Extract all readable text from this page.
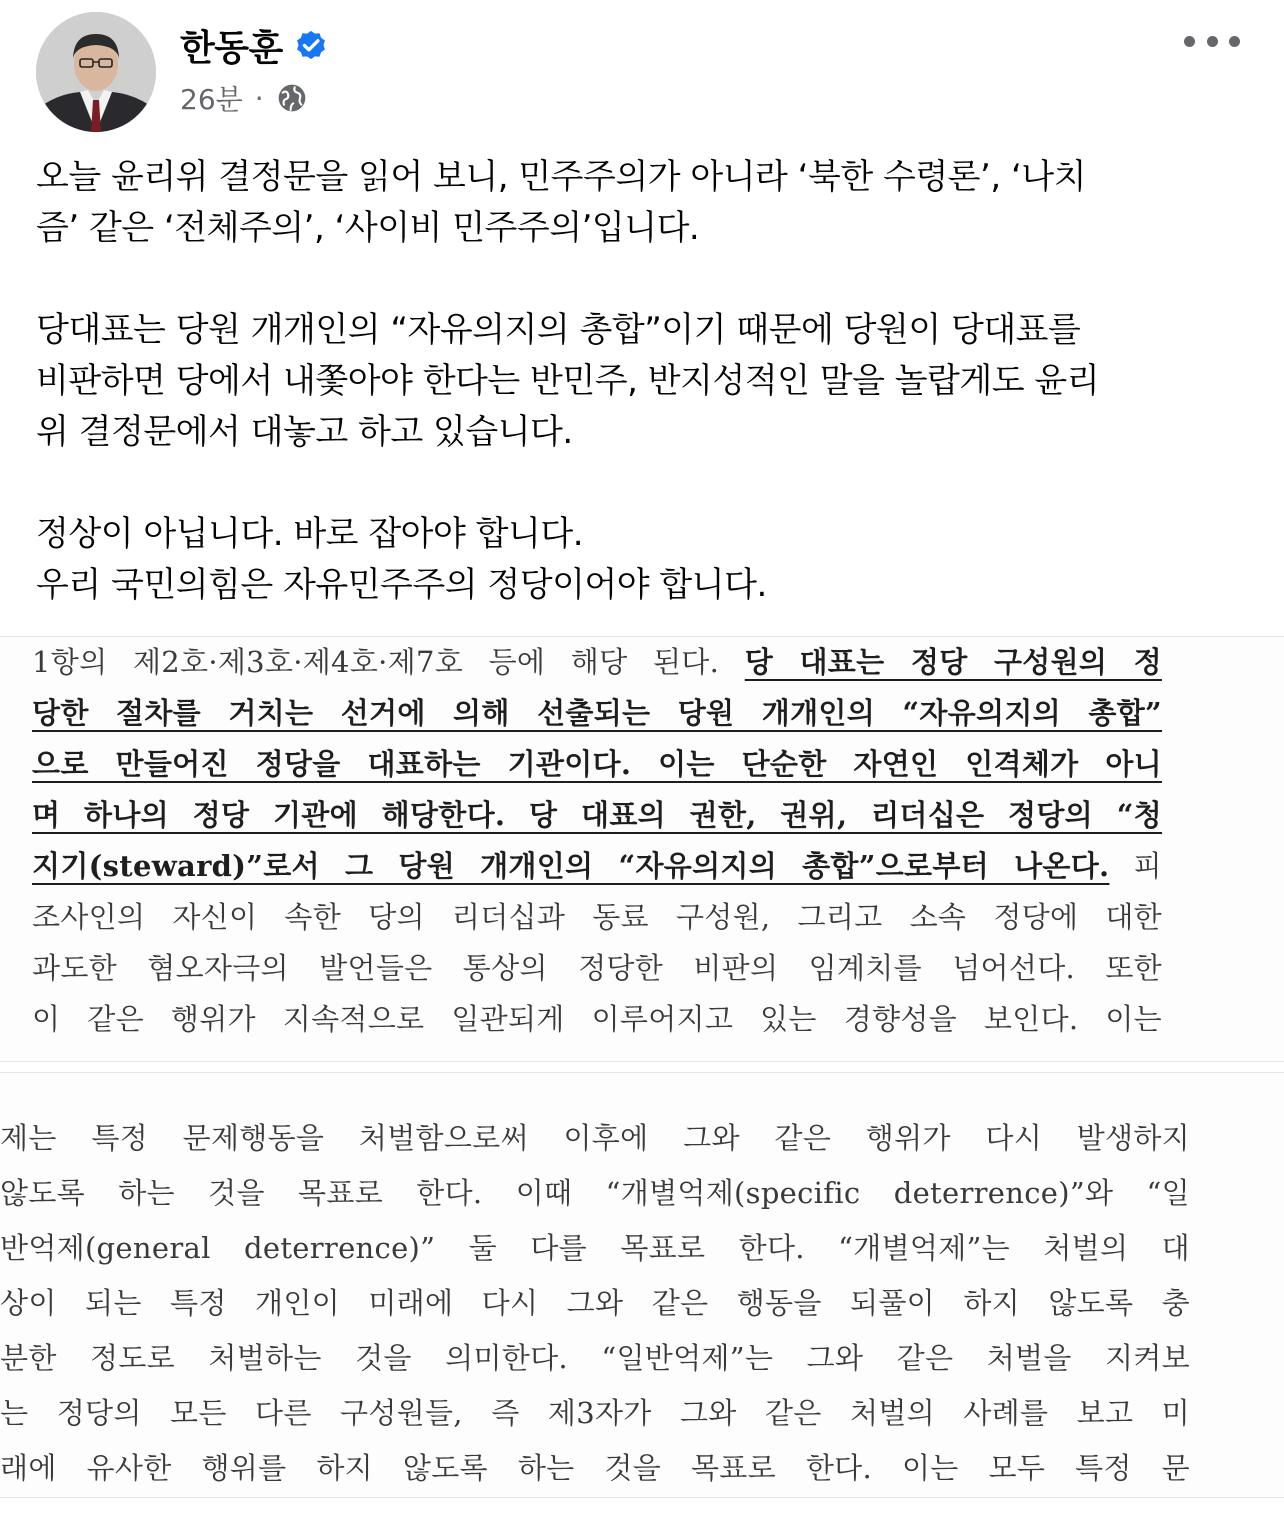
한동훈
26분 ·

오늘 윤리위 결정문을 읽어 보니, 민주주의가 아니라 ‘북한 수령론’, ‘나치
즘’ 같은 ‘전체주의’, ‘사이비 민주주의’입니다.

당대표는 당원 개개인의 “자유의지의 총합”이기 때문에 당원이 당대표를
비판하면 당에서 내쫓아야 한다는 반민주, 반지성적인 말을 놀랍게도 윤리
위 결정문에서 대놓고 하고 있습니다.

정상이 아닙니다. 바로 잡아야 합니다.
우리 국민의힘은 자유민주주의 정당이어야 합니다.

1항의 제2호·제3호·제4호·제7호 등에 해당 된다. 당 대표는 정당 구성원의 정
당한 절차를 거치는 선거에 의해 선출되는 당원 개개인의 “자유의지의 총합”
으로 만들어진 정당을 대표하는 기관이다. 이는 단순한 자연인 인격체가 아니
며 하나의 정당 기관에 해당한다. 당 대표의 권한, 권위, 리더십은 정당의 “청
지기(steward)”로서 그 당원 개개인의 “자유의지의 총합”으로부터 나온다. 피
조사인의 자신이 속한 당의 리더십과 동료 구성원, 그리고 소속 정당에 대한
과도한 혐오자극의 발언들은 통상의 정당한 비판의 임계치를 넘어선다. 또한
이 같은 행위가 지속적으로 일관되게 이루어지고 있는 경향성을 보인다. 이는
제는 특정 문제행동을 처벌함으로써 이후에 그와 같은 행위가 다시 발생하지
않도록 하는 것을 목표로 한다. 이때 “개별억제(specific deterrence)”와 “일
반억제(general deterrence)” 둘 다를 목표로 한다. “개별억제”는 처벌의 대
상이 되는 특정 개인이 미래에 다시 그와 같은 행동을 되풀이 하지 않도록 충
분한 정도로 처벌하는 것을 의미한다. “일반억제”는 그와 같은 처벌을 지켜보
는 정당의 모든 다른 구성원들, 즉 제3자가 그와 같은 처벌의 사례를 보고 미
래에 유사한 행위를 하지 않도록 하는 것을 목표로 한다. 이는 모두 특정 문
